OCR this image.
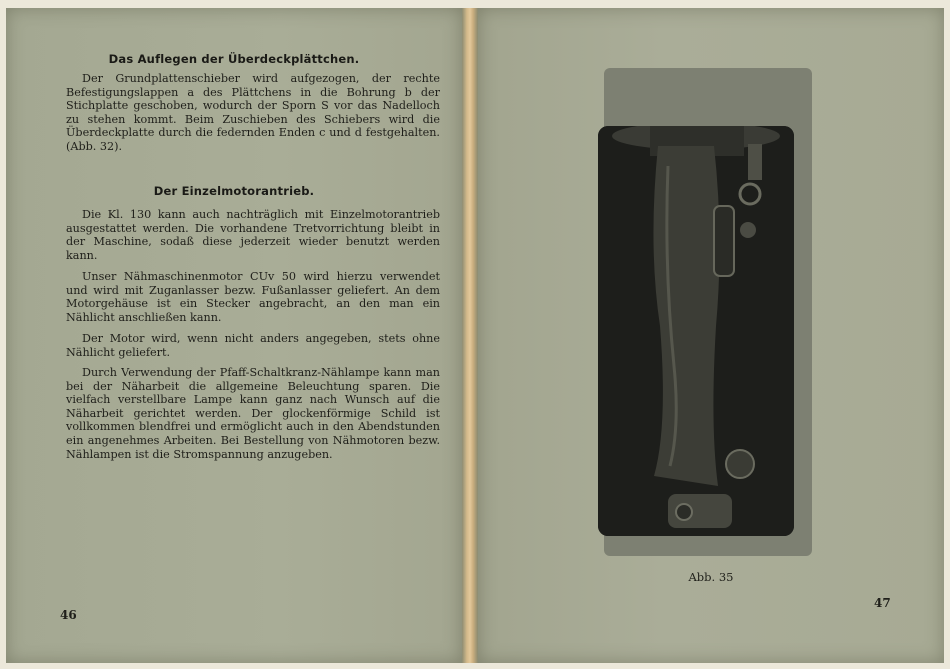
Das Auflegen der Überdeckplättchen.
Der Grundplattenschieber wird aufgezogen, der rechte Befestigungslappen a des Plättchens in die Bohrung b der Stichplatte geschoben, wodurch der Sporn S vor das Nadelloch zu stehen kommt. Beim Zuschieben des Schiebers wird die Überdeckplatte durch die federnden Enden c und d festgehalten. (Abb. 32).
Der Einzelmotorantrieb.
Die Kl. 130 kann auch nachträglich mit Einzelmotorantrieb ausgestattet werden. Die vorhandene Tretvorrichtung bleibt in der Maschine, sodaß diese jederzeit wieder benutzt werden kann.
Unser Nähmaschinenmotor CUv 50 wird hierzu verwendet und wird mit Zuganlasser bezw. Fußanlasser geliefert. An dem Motorgehäuse ist ein Stecker angebracht, an den man ein Nählicht anschließen kann.
Der Motor wird, wenn nicht anders angegeben, stets ohne Nählicht geliefert.
Durch Verwendung der Pfaff-Schaltkranz-Nählampe kann man bei der Näharbeit die allgemeine Beleuchtung sparen. Die vielfach verstellbare Lampe kann ganz nach Wunsch auf die Näharbeit gerichtet werden. Der glockenförmige Schild ist vollkommen blendfrei und ermöglicht auch in den Abendstunden ein angenehmes Arbeiten. Bei Bestellung von Nähmotoren bezw. Nählampen ist die Stromspannung anzugeben.
46
Abb. 35
47
